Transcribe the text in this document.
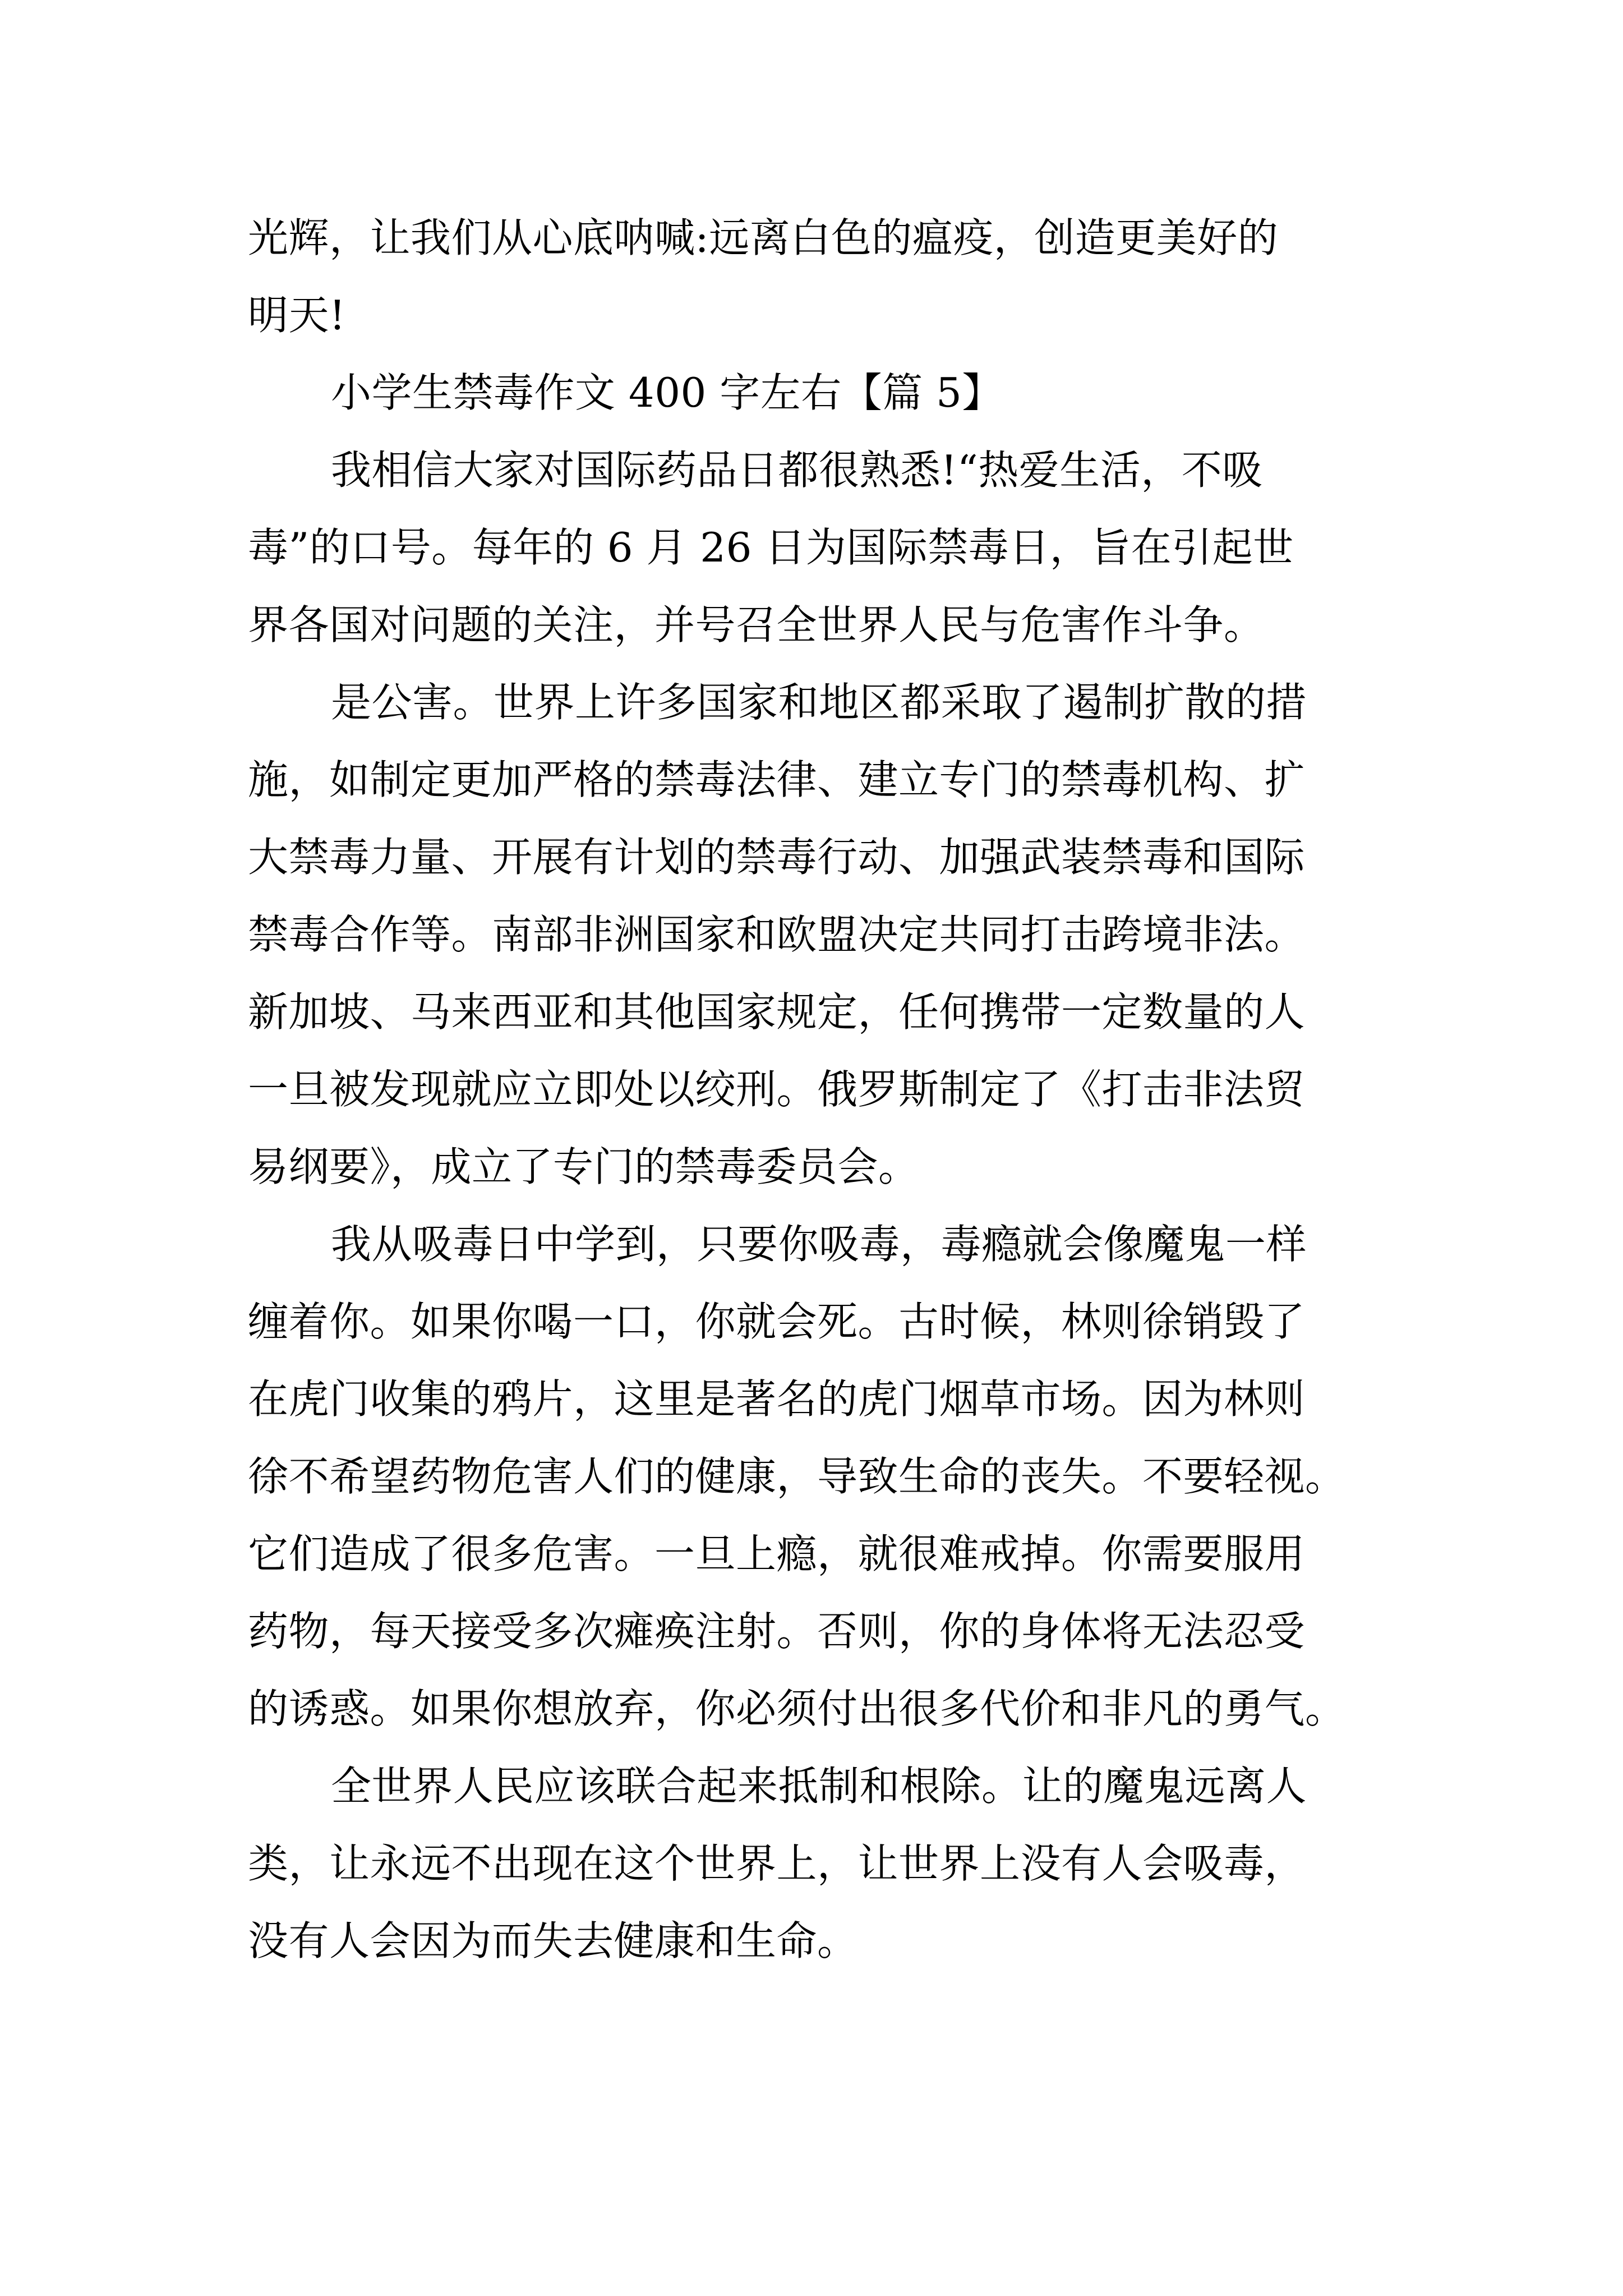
光辉，让我们从心底呐喊:远离白色的瘟疫，创造更美好的
明天!
小学生禁毒作文 400 字左右【篇 5】
我相信大家对国际药品日都很熟悉!“热爱生活，不吸
毒”的口号。每年的 6 月 26 日为国际禁毒日，旨在引起世
界各国对问题的关注，并号召全世界人民与危害作斗争。
是公害。世界上许多国家和地区都采取了遏制扩散的措
施，如制定更加严格的禁毒法律、建立专门的禁毒机构、扩
大禁毒力量、开展有计划的禁毒行动、加强武装禁毒和国际
禁毒合作等。南部非洲国家和欧盟决定共同打击跨境非法。
新加坡、马来西亚和其他国家规定，任何携带一定数量的人
一旦被发现就应立即处以绞刑。俄罗斯制定了《打击非法贸
易纲要》，成立了专门的禁毒委员会。
我从吸毒日中学到，只要你吸毒，毒瘾就会像魔鬼一样
缠着你。如果你喝一口，你就会死。古时候，林则徐销毁了
在虎门收集的鸦片，这里是著名的虎门烟草市场。因为林则
徐不希望药物危害人们的健康，导致生命的丧失。不要轻视。
它们造成了很多危害。一旦上瘾，就很难戒掉。你需要服用
药物，每天接受多次瘫痪注射。否则，你的身体将无法忍受
的诱惑。如果你想放弃，你必须付出很多代价和非凡的勇气。
全世界人民应该联合起来抵制和根除。让的魔鬼远离人
类，让永远不出现在这个世界上，让世界上没有人会吸毒，
没有人会因为而失去健康和生命。
